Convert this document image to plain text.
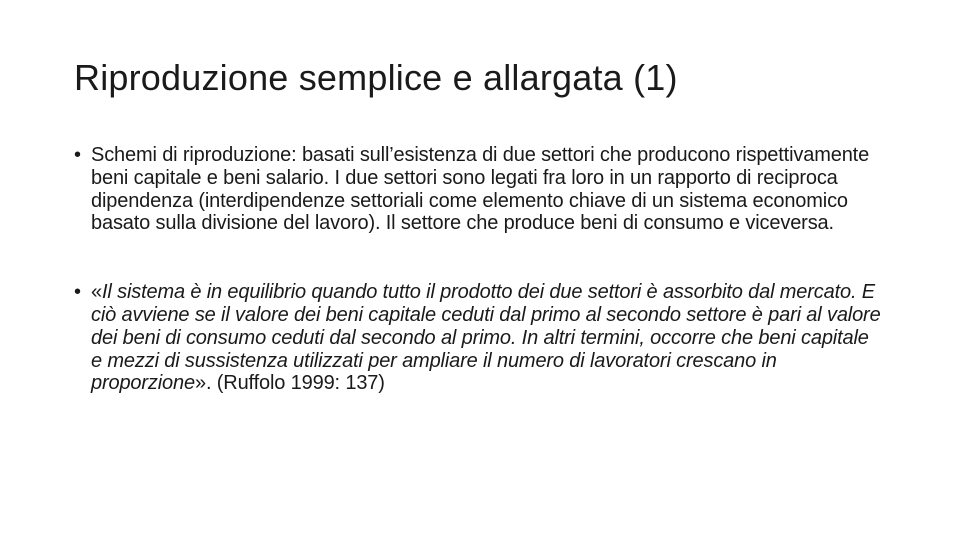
Riproduzione semplice e allargata (1)
• Schemi di riproduzione: basati sull’esistenza di due settori che producono rispettivamente beni capitale e beni salario. I due settori sono legati fra loro in un rapporto di reciproca dipendenza (interdipendenze settoriali come elemento chiave di un sistema economico basato sulla divisione del lavoro). Il settore che produce beni di consumo e viceversa.
• «Il sistema è in equilibrio quando tutto il prodotto dei due settori è assorbito dal mercato. E ciò avviene se il valore dei beni capitale ceduti dal primo al secondo settore è pari al valore dei beni di consumo ceduti dal secondo al primo. In altri termini, occorre che beni capitale e mezzi di sussistenza utilizzati per ampliare il numero di lavoratori crescano in proporzione». (Ruffolo 1999: 137)
